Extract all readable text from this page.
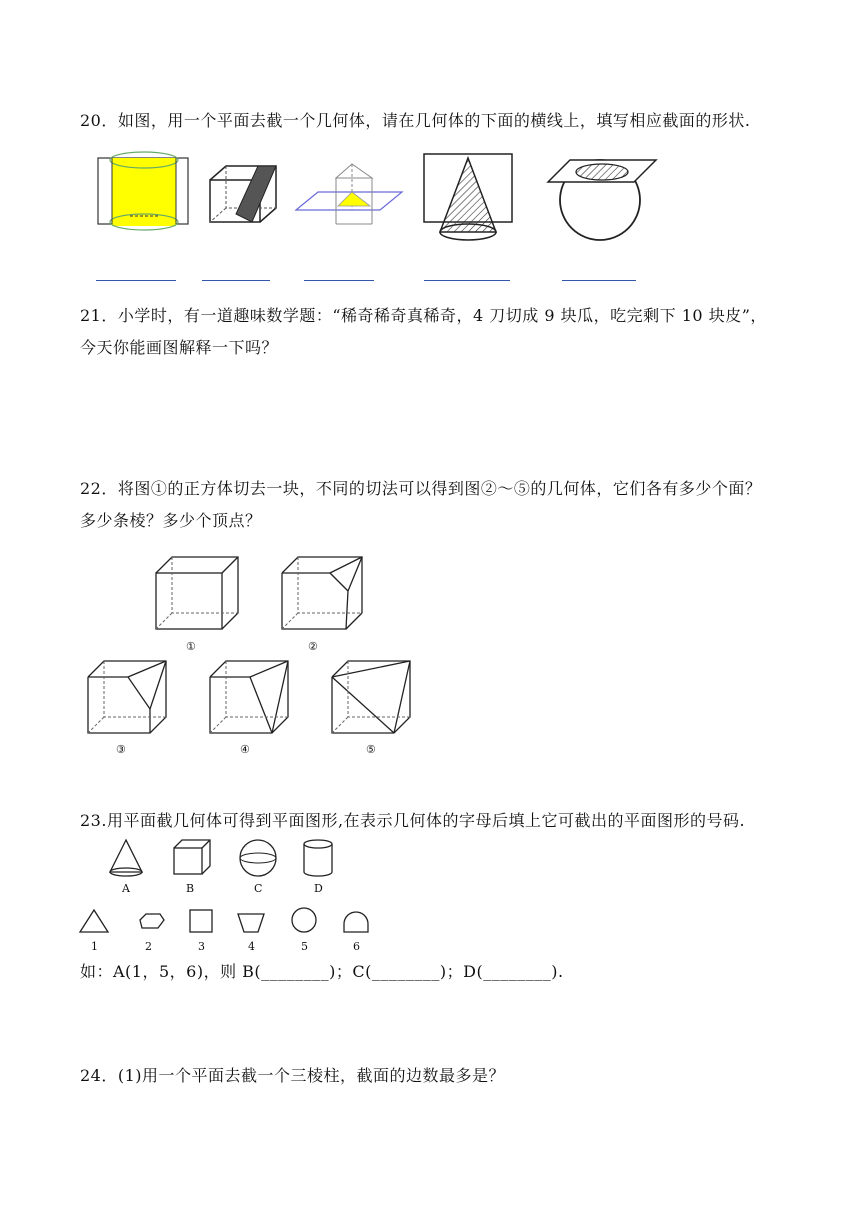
20．如图，用一个平面去截一个几何体，请在几何体的下面的横线上，填写相应截面的形状.
21．小学时，有一道趣味数学题：“稀奇稀奇真稀奇，4 刀切成 9 块瓜，吃完剩下 10 块皮”，
今天你能画图解释一下吗？
22．将图①的正方体切去一块，不同的切法可以得到图②～⑤的几何体，它们各有多少个面？
多少条棱？多少个顶点？
①	②
③	④	⑤
23.用平面截几何体可得到平面图形,在表示几何体的字母后填上它可截出的平面图形的号码.
A	B	C	D
1	2	3	4	5	6
如：A(1，5，6)，则 B(________)；C(________)；D(________).
24．(1)用一个平面去截一个三棱柱，截面的边数最多是？
